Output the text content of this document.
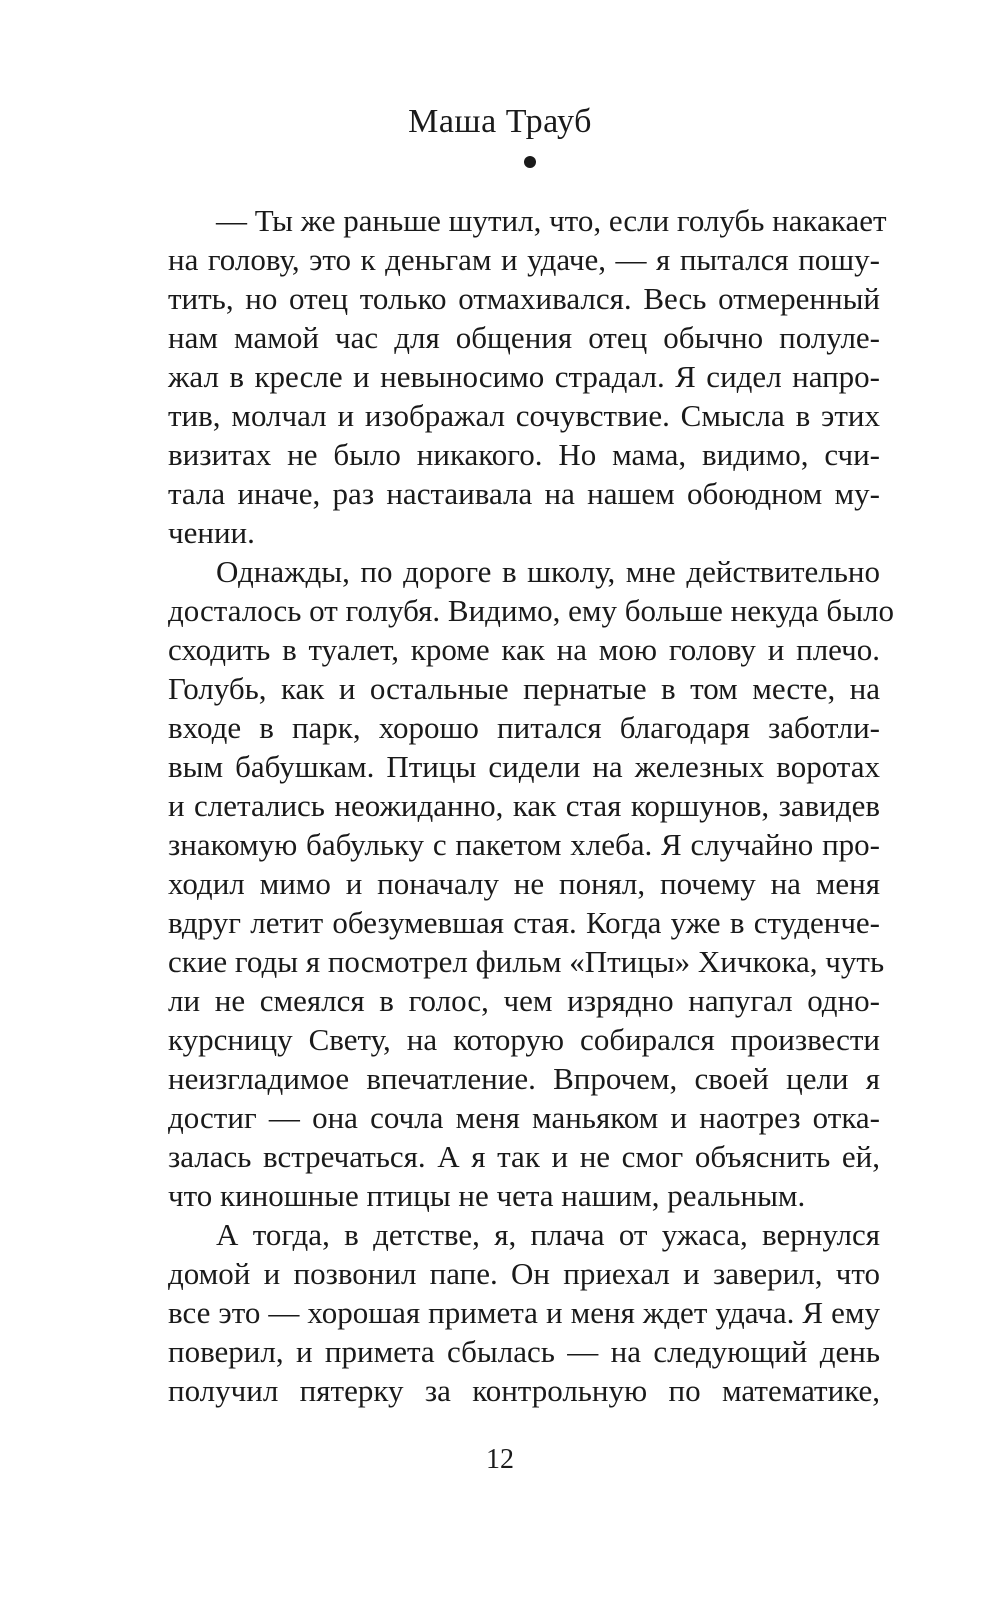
Маша Трауб
— Ты же раньше шутил, что, если голубь накакает
на голову, это к деньгам и удаче, — я пытался пошу-
тить, но отец только отмахивался. Весь отмеренный
нам мамой час для общения отец обычно полуле-
жал в кресле и невыносимо страдал. Я сидел напро-
тив, молчал и изображал сочувствие. Смысла в этих
визитах не было никакого. Но мама, видимо, счи-
тала иначе, раз настаивала на нашем обоюдном му-
чении.
Однажды, по дороге в школу, мне действительно
досталось от голубя. Видимо, ему больше некуда было
сходить в туалет, кроме как на мою голову и плечо.
Голубь, как и остальные пернатые в том месте, на
входе в парк, хорошо питался благодаря заботли-
вым бабушкам. Птицы сидели на железных воротах
и слетались неожиданно, как стая коршунов, завидев
знакомую бабульку с пакетом хлеба. Я случайно про-
ходил мимо и поначалу не понял, почему на меня
вдруг летит обезумевшая стая. Когда уже в студенче-
ские годы я посмотрел фильм «Птицы» Хичкока, чуть
ли не смеялся в голос, чем изрядно напугал одно-
курсницу Свету, на которую собирался произвести
неизгладимое впечатление. Впрочем, своей цели я
достиг — она сочла меня маньяком и наотрез отка-
залась встречаться. А я так и не смог объяснить ей,
что киношные птицы не чета нашим, реальным.
А тогда, в детстве, я, плача от ужаса, вернулся
домой и позвонил папе. Он приехал и заверил, что
все это — хорошая примета и меня ждет удача. Я ему
поверил, и примета сбылась — на следующий день
получил пятерку за контрольную по математике,
12
